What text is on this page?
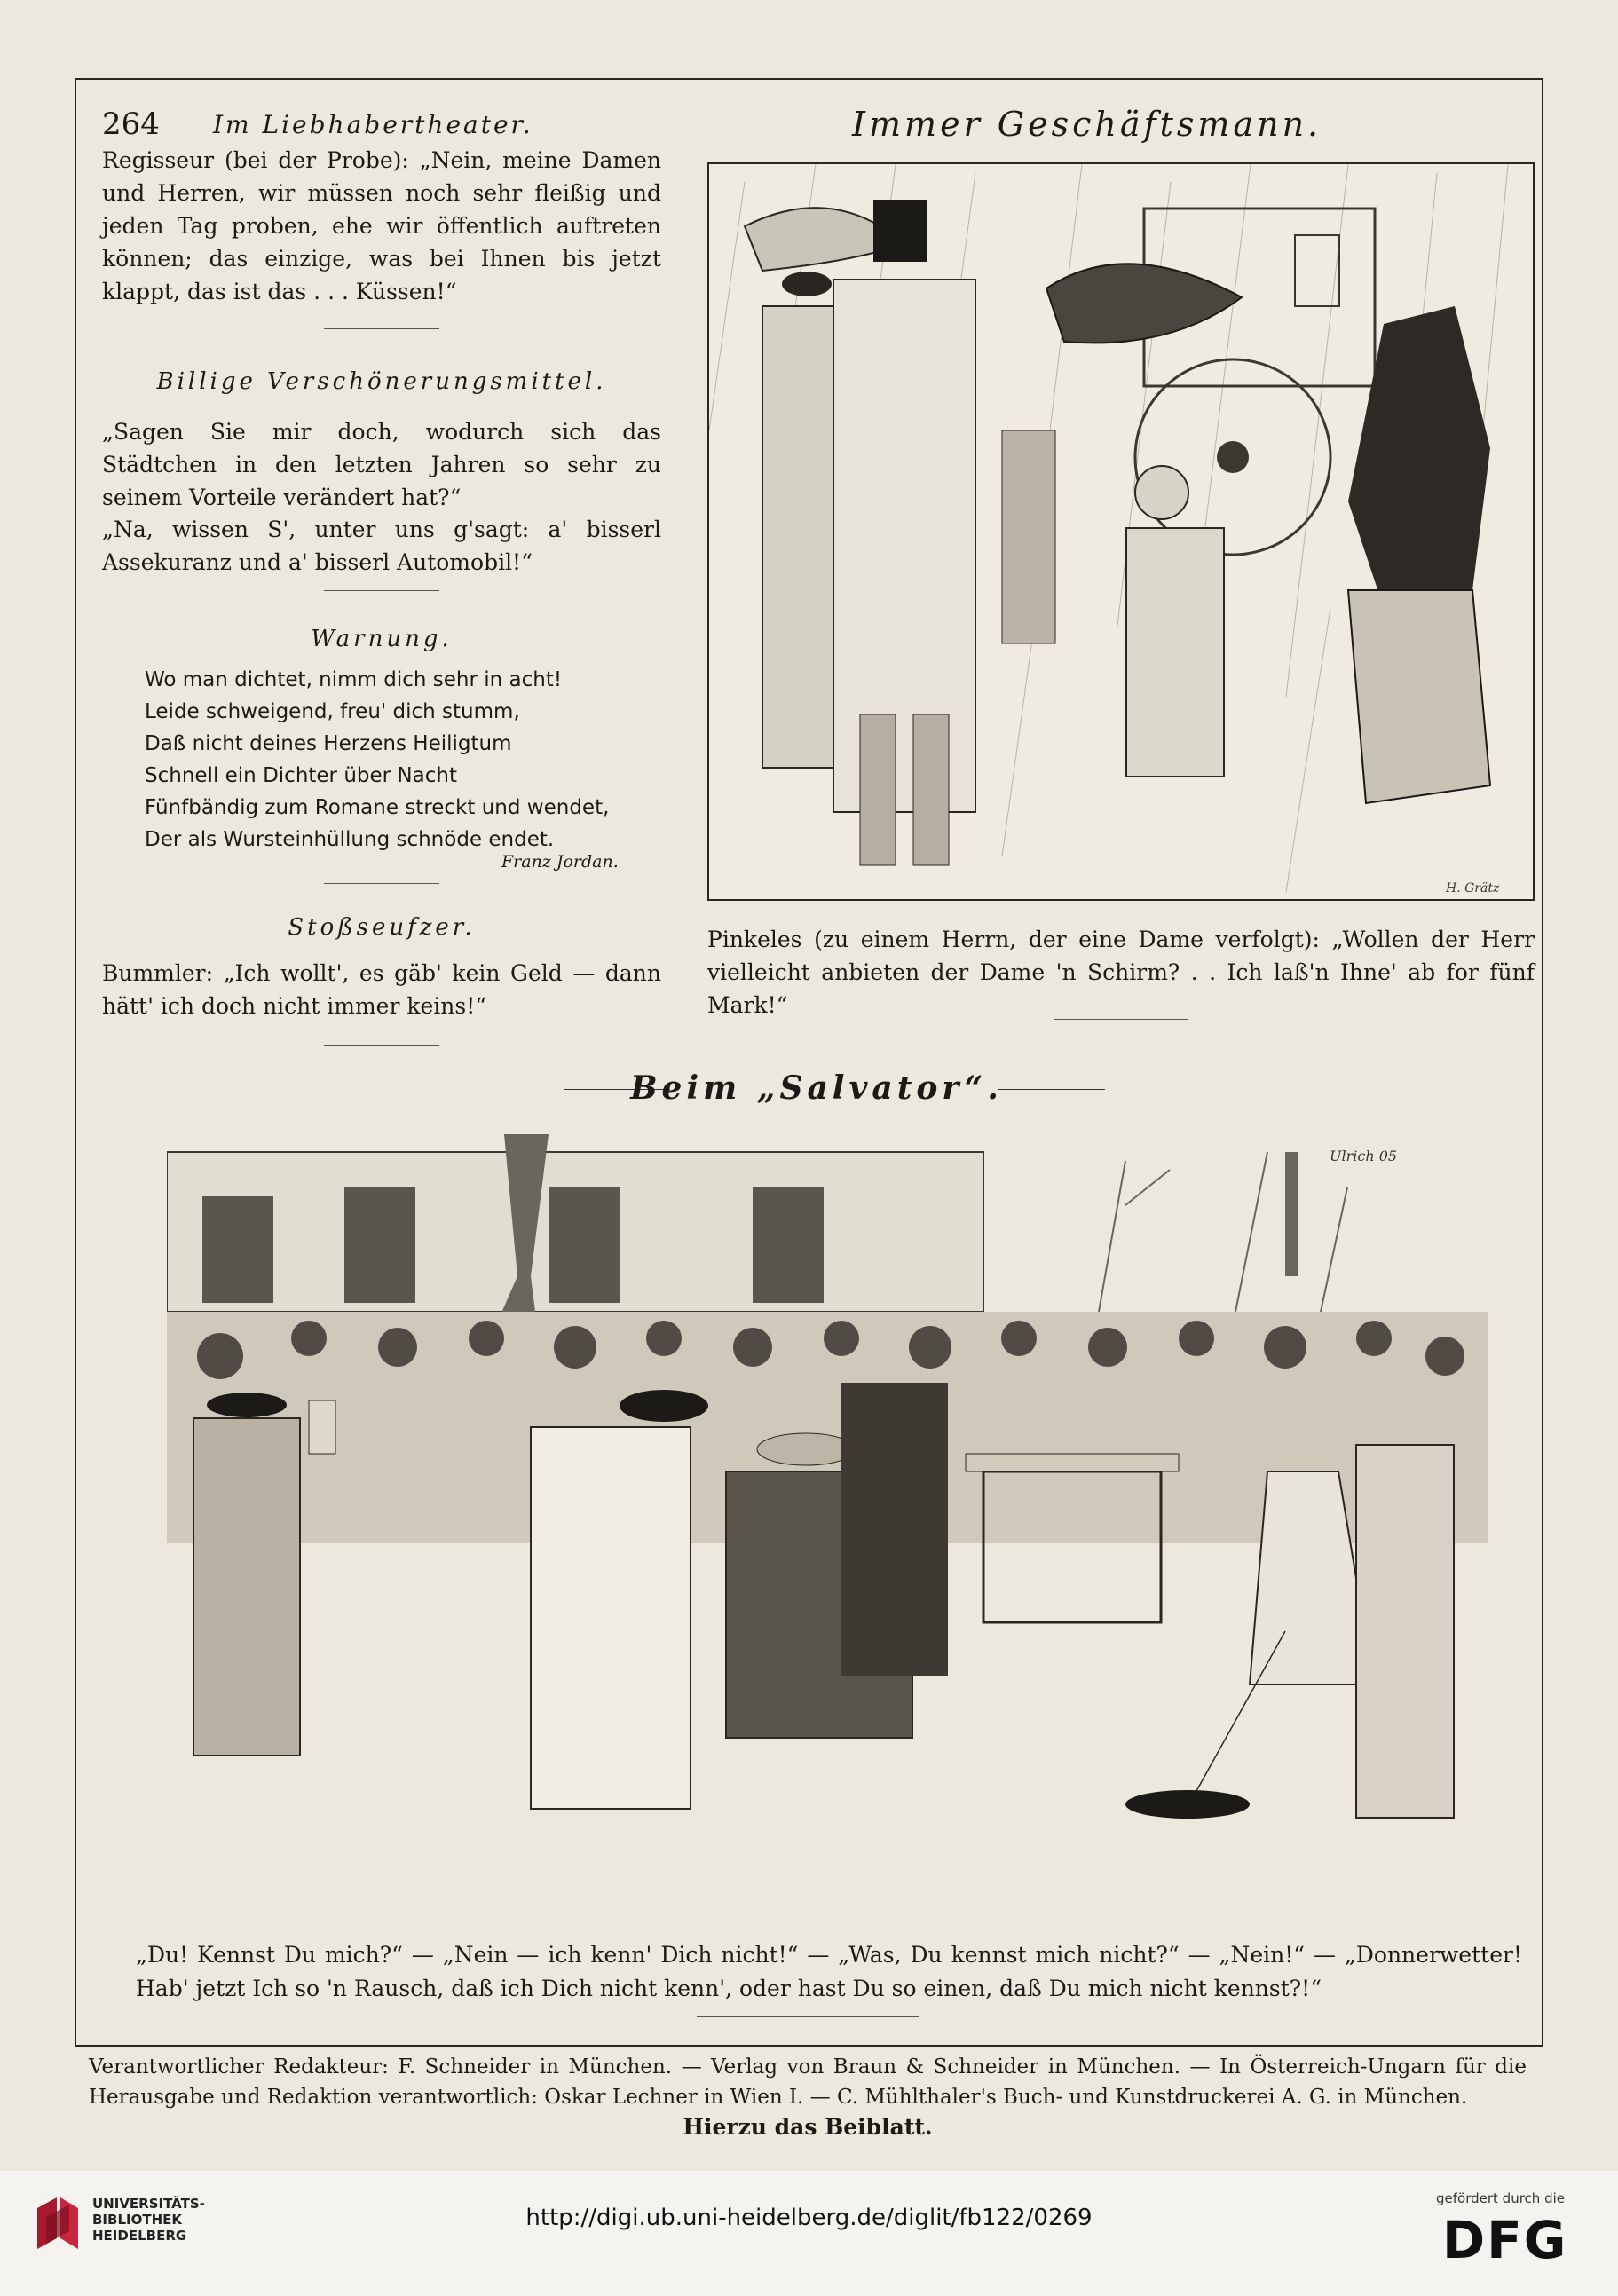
264 Im Liebhabertheater.	Immer Geschäftsmann.
Regisseur (bei der Probe): „Nein, meine Damen und Herren, wir müssen noch sehr fleißig und jeden Tag proben, ehe wir öffentlich auftreten können; das einzige, was bei Ihnen bis jetzt klappt, das ist das . . . Küssen!“
Billige Verschönerungsmittel.
„Sagen Sie mir doch, wodurch sich das Städtchen in den letzten Jahren so sehr zu seinem Vorteile verändert hat?“
„Na, wissen S', unter uns g'sagt: a' bisserl Assekuranz und a' bisserl Automobil!“
Warnung.
Wo man dichtet, nimm dich sehr in acht!
Leide schweigend, freu' dich stumm,
Daß nicht deines Herzens Heiligtum
Schnell ein Dichter über Nacht
Fünfbändig zum Romane streckt und wendet,
Der als Wursteinhüllung schnöde endet.
Franz Jordan.
Stoßseufzer.
Bummler: „Ich wollt', es gäb' kein Geld — dann hätt' ich doch nicht immer keins!“
H. Grätz
Pinkeles (zu einem Herrn, der eine Dame verfolgt): „Wollen der Herr vielleicht anbieten der Dame 'n Schirm? . . Ich laß'n Ihne' ab for fünf Mark!“
Beim „Salvator“.
Ulrich 05
„Du! Kennst Du mich?“ — „Nein — ich kenn' Dich nicht!“ — „Was, Du kennst mich nicht?“ — „Nein!“ — „Donnerwetter! Hab' jetzt Ich so 'n Rausch, daß ich Dich nicht kenn', oder hast Du so einen, daß Du mich nicht kennst?!“
Verantwortlicher Redakteur: F. Schneider in München. — Verlag von Braun & Schneider in München. — In Österreich-Ungarn für die Herausgabe und Redaktion verantwortlich: Oskar Lechner in Wien I. — C. Mühlthaler's Buch- und Kunstdruckerei A. G. in München.
Hierzu das Beiblatt.
UNIVERSITÄTS-
BIBLIOTHEK
HEIDELBERG
http://digi.ub.uni-heidelberg.de/diglit/fb122/0269
gefördert durch die
DFG
